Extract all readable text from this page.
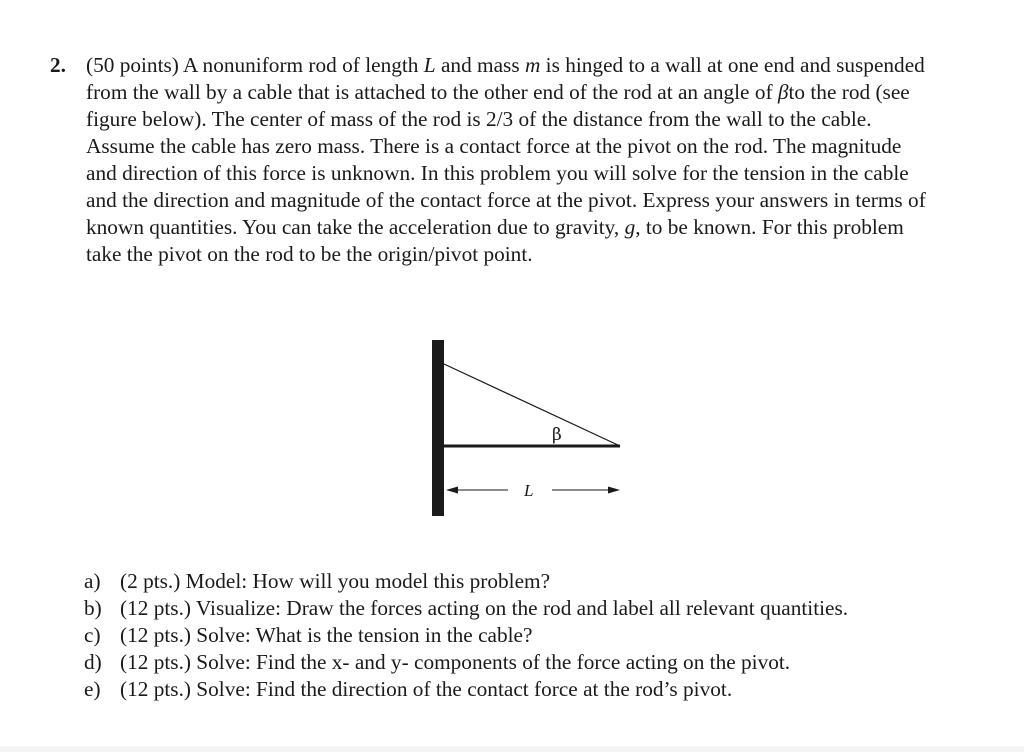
2. (50 points) A nonuniform rod of length L and mass m is hinged to a wall at one end and suspended from the wall by a cable that is attached to the other end of the rod at an angle of βto the rod (see figure below). The center of mass of the rod is 2/3 of the distance from the wall to the cable. Assume the cable has zero mass. There is a contact force at the pivot on the rod. The magnitude and direction of this force is unknown. In this problem you will solve for the tension in the cable and the direction and magnitude of the contact force at the pivot. Express your answers in terms of known quantities. You can take the acceleration due to gravity, g, to be known. For this problem take the pivot on the rod to be the origin/pivot point.
β
L
a) (2 pts.) Model: How will you model this problem?
b) (12 pts.) Visualize: Draw the forces acting on the rod and label all relevant quantities.
c) (12 pts.) Solve: What is the tension in the cable?
d) (12 pts.) Solve: Find the x- and y- components of the force acting on the pivot.
e) (12 pts.) Solve: Find the direction of the contact force at the rod’s pivot.
